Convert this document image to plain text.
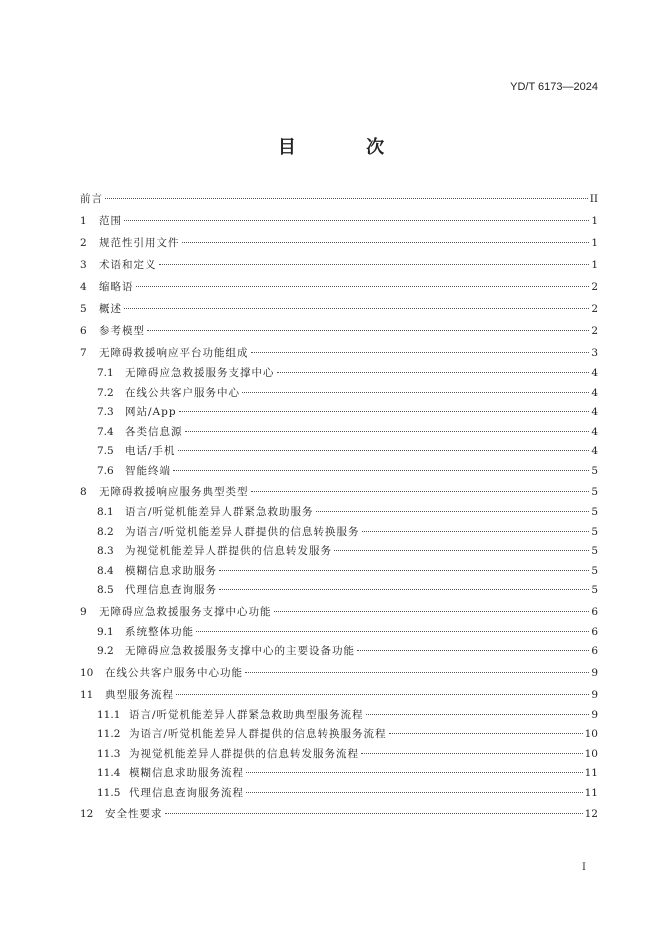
YD/T 6173—2024
目 次
前言	II
1	范围	1
2	规范性引用文件	1
3	术语和定义	1
4	缩略语	2
5	概述	2
6	参考模型	2
7	无障碍救援响应平台功能组成	3
7.1	无障碍应急救援服务支撑中心	4
7.2	在线公共客户服务中心	4
7.3	网站/App	4
7.4	各类信息源	4
7.5	电话/手机	4
7.6	智能终端	5
8	无障碍救援响应服务典型类型	5
8.1	语言/听觉机能差异人群紧急救助服务	5
8.2	为语言/听觉机能差异人群提供的信息转换服务	5
8.3	为视觉机能差异人群提供的信息转发服务	5
8.4	模糊信息求助服务	5
8.5	代理信息查询服务	5
9	无障碍应急救援服务支撑中心功能	6
9.1	系统整体功能	6
9.2	无障碍应急救援服务支撑中心的主要设备功能	6
10	在线公共客户服务中心功能	9
11	典型服务流程	9
11.1 语言/听觉机能差异人群紧急救助典型服务流程	9
11.2 为语言/听觉机能差异人群提供的信息转换服务流程	10
11.3 为视觉机能差异人群提供的信息转发服务流程	10
11.4 模糊信息求助服务流程	11
11.5 代理信息查询服务流程	11
12	安全性要求	12
I
